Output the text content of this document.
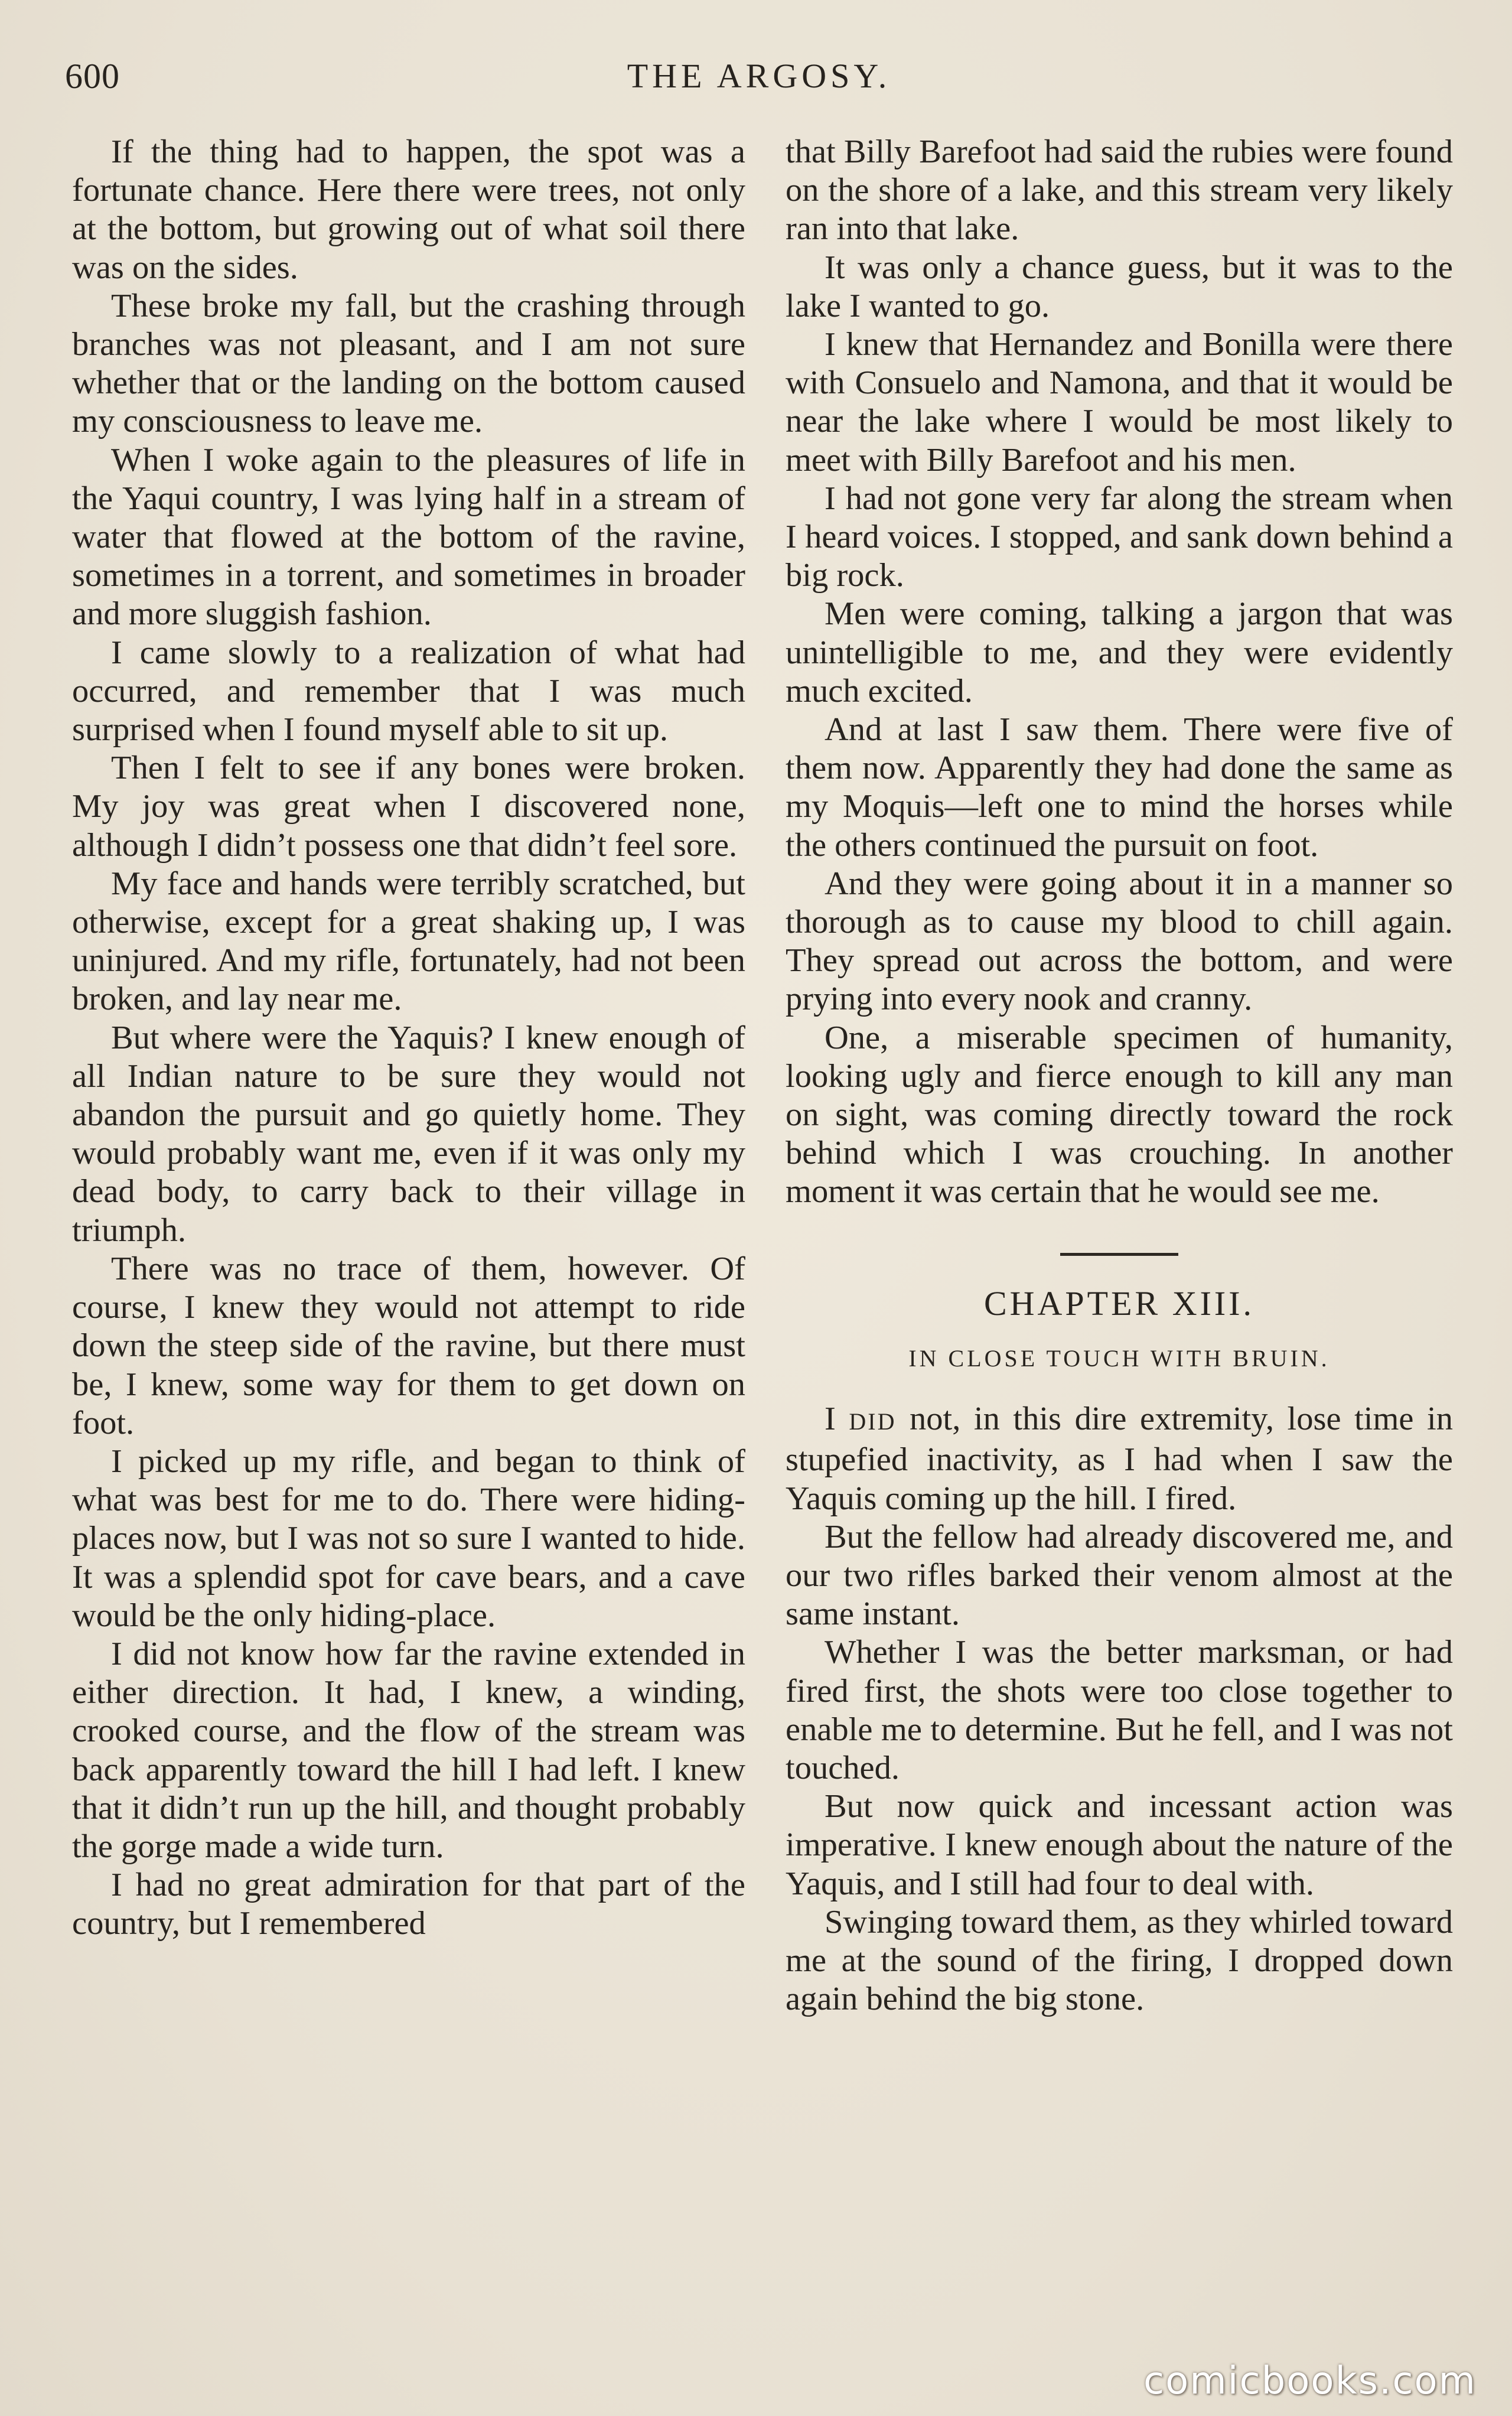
600	THE ARGOSY.

If the thing had to happen, the spot was a fortunate chance. Here there were trees, not only at the bottom, but growing out of what soil there was on the sides.

These broke my fall, but the crashing through branches was not pleasant, and I am not sure whether that or the landing on the bottom caused my consciousness to leave me.

When I woke again to the pleasures of life in the Yaqui country, I was lying half in a stream of water that flowed at the bottom of the ravine, sometimes in a torrent, and sometimes in broader and more sluggish fashion.

I came slowly to a realization of what had occurred, and remember that I was much surprised when I found myself able to sit up.

Then I felt to see if any bones were broken. My joy was great when I discovered none, although I didn’t possess one that didn’t feel sore.

My face and hands were terribly scratched, but otherwise, except for a great shaking up, I was uninjured. And my rifle, fortunately, had not been broken, and lay near me.

But where were the Yaquis? I knew enough of all Indian nature to be sure they would not abandon the pursuit and go quietly home. They would probably want me, even if it was only my dead body, to carry back to their village in triumph.

There was no trace of them, however. Of course, I knew they would not attempt to ride down the steep side of the ravine, but there must be, I knew, some way for them to get down on foot.

I picked up my rifle, and began to think of what was best for me to do. There were hiding-places now, but I was not so sure I wanted to hide. It was a splendid spot for cave bears, and a cave would be the only hiding-place.

I did not know how far the ravine extended in either direction. It had, I knew, a winding, crooked course, and the flow of the stream was back apparently toward the hill I had left. I knew that it didn’t run up the hill, and thought probably the gorge made a wide turn.

I had no great admiration for that part of the country, but I remembered

that Billy Barefoot had said the rubies were found on the shore of a lake, and this stream very likely ran into that lake.

It was only a chance guess, but it was to the lake I wanted to go.

I knew that Hernandez and Bonilla were there with Consuelo and Namona, and that it would be near the lake where I would be most likely to meet with Billy Barefoot and his men.

I had not gone very far along the stream when I heard voices. I stopped, and sank down behind a big rock.

Men were coming, talking a jargon that was unintelligible to me, and they were evidently much excited.

And at last I saw them. There were five of them now. Apparently they had done the same as my Moquis—left one to mind the horses while the others continued the pursuit on foot.

And they were going about it in a manner so thorough as to cause my blood to chill again. They spread out across the bottom, and were prying into every nook and cranny.

One, a miserable specimen of humanity, looking ugly and fierce enough to kill any man on sight, was coming directly toward the rock behind which I was crouching. In another moment it was certain that he would see me.

CHAPTER XIII.
IN CLOSE TOUCH WITH BRUIN.

I DID not, in this dire extremity, lose time in stupefied inactivity, as I had when I saw the Yaquis coming up the hill. I fired.

But the fellow had already discovered me, and our two rifles barked their venom almost at the same instant.

Whether I was the better marksman, or had fired first, the shots were too close together to enable me to determine. But he fell, and I was not touched.

But now quick and incessant action was imperative. I knew enough about the nature of the Yaquis, and I still had four to deal with.

Swinging toward them, as they whirled toward me at the sound of the firing, I dropped down again behind the big stone.

comicbooks.com
